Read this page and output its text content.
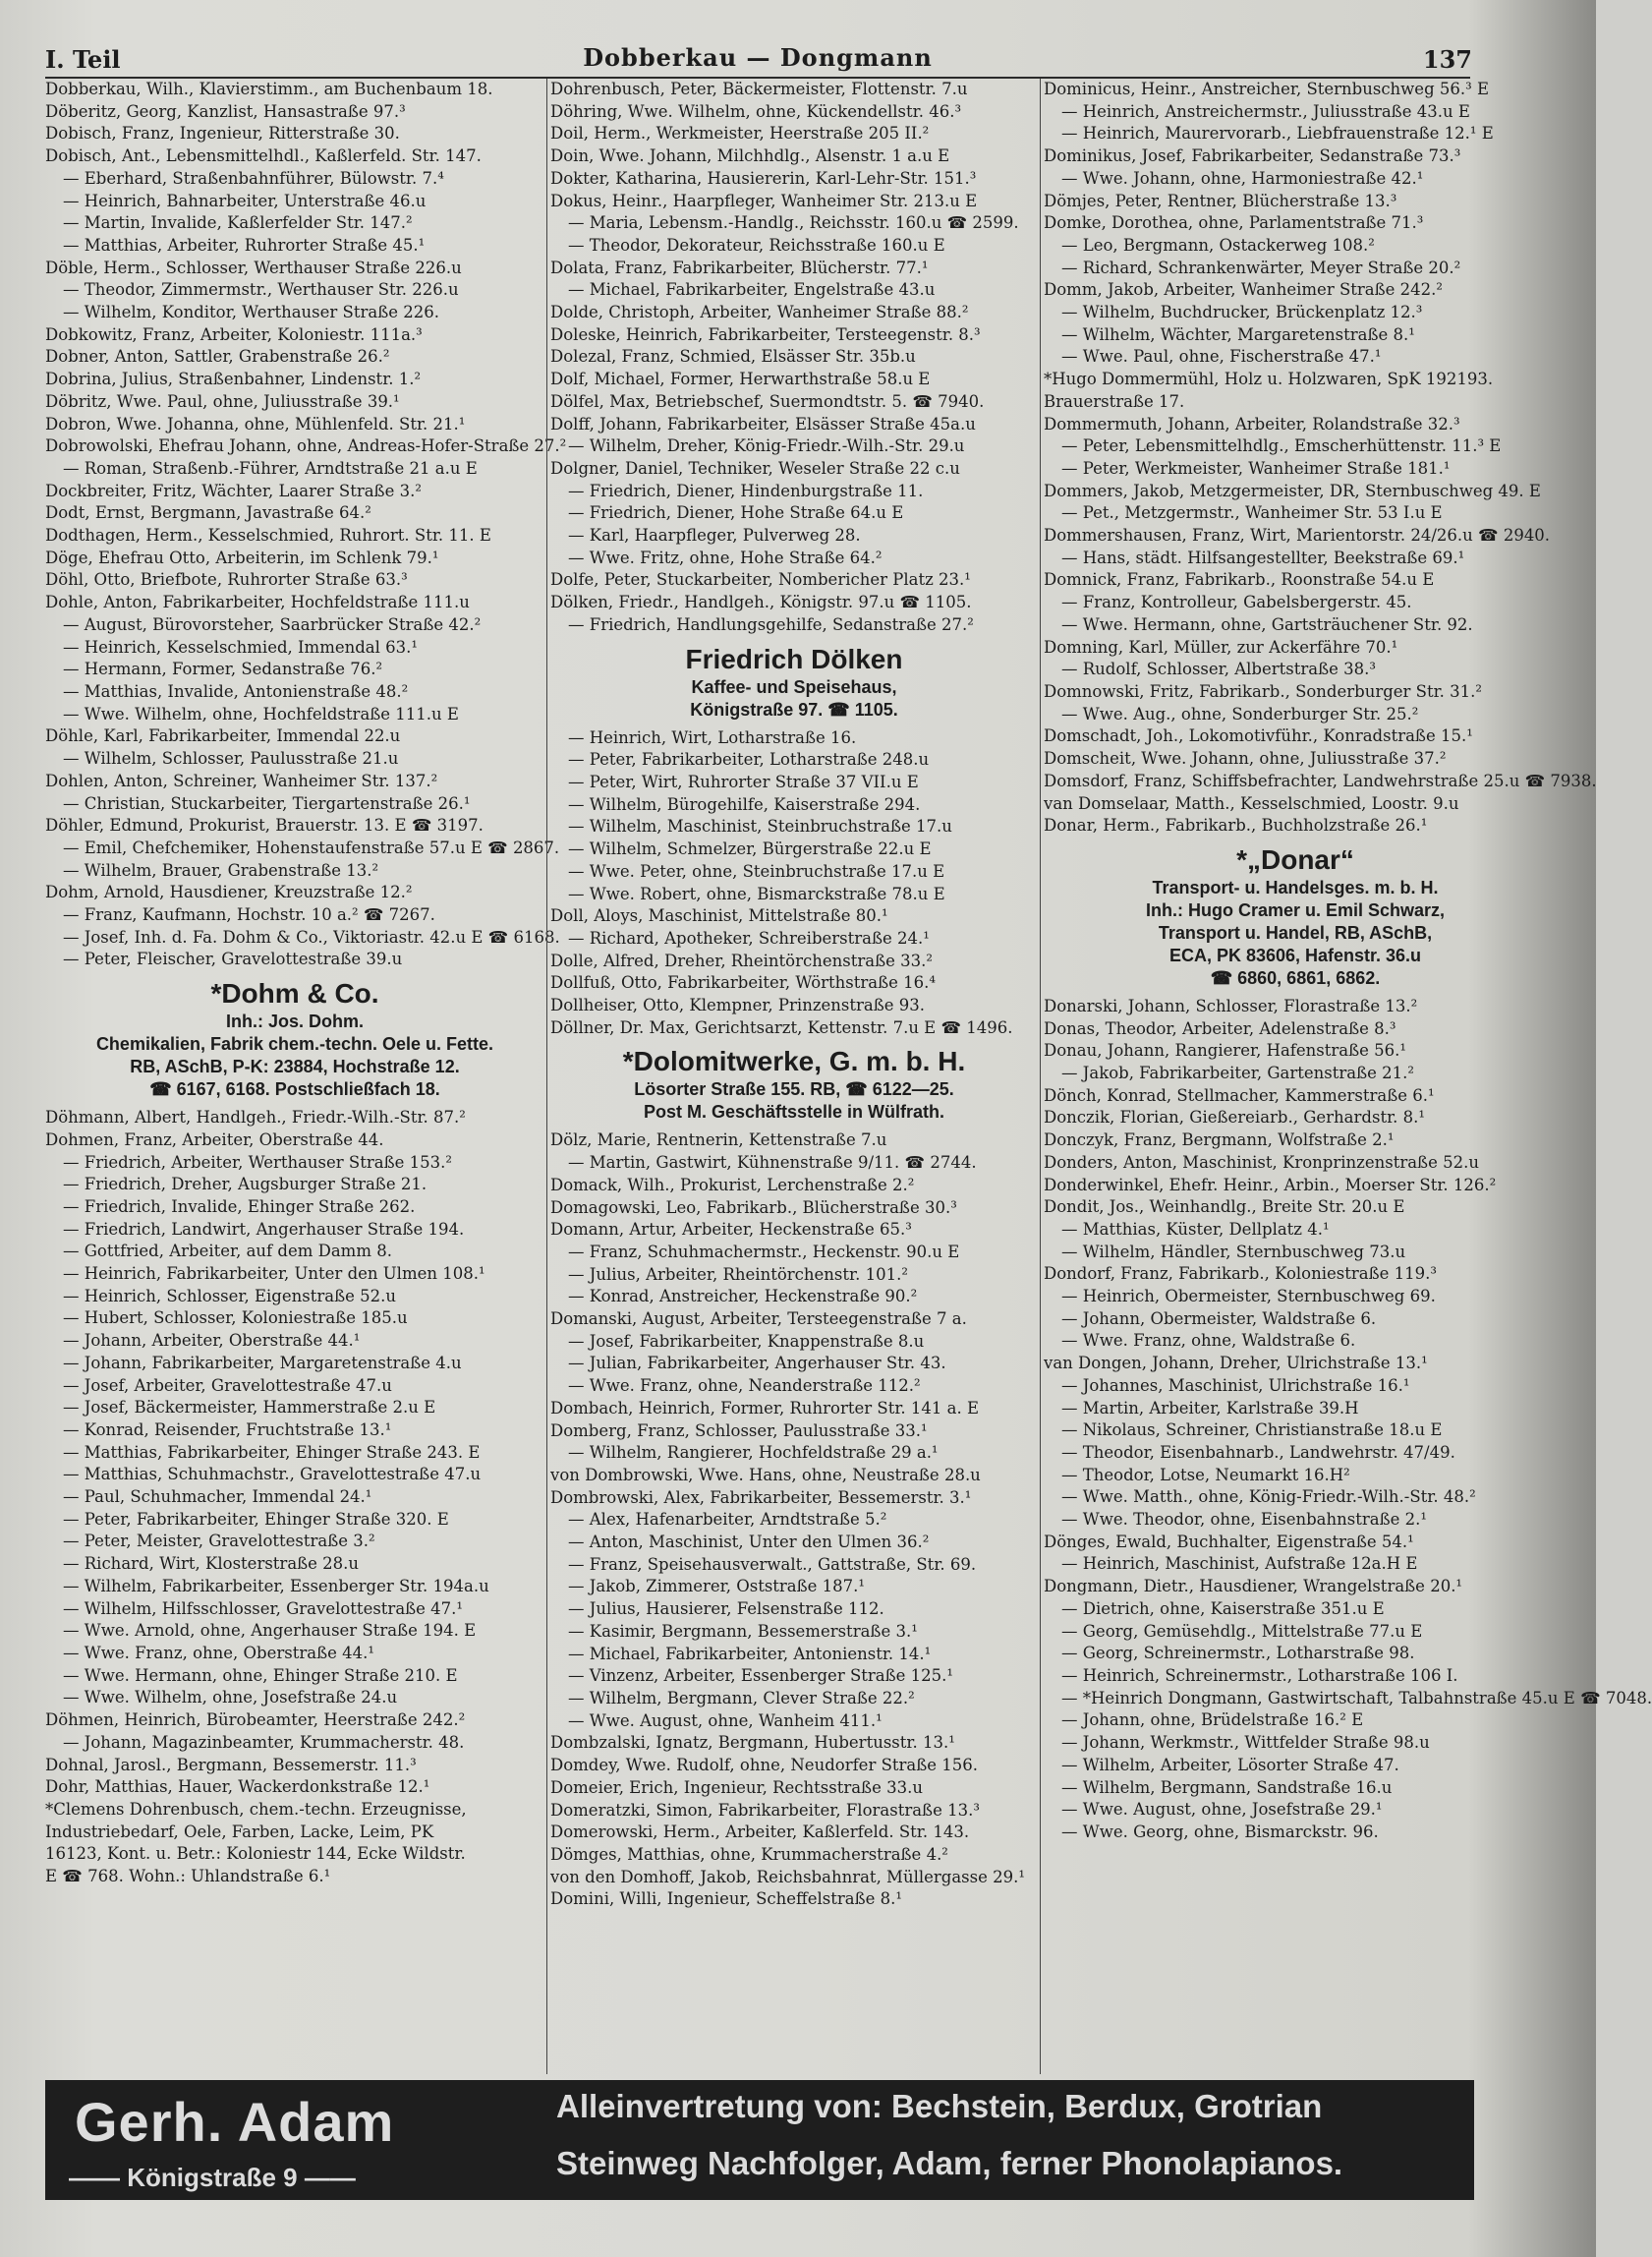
I. Teil	Dobberkau — Dongmann	137
Dobberkau, Wilh., Klavierstimm., am Buchenbaum 18.
Döberitz, Georg, Kanzlist, Hansastraße 97.³
Dobisch, Franz, Ingenieur, Ritterstraße 30.
Dobisch, Ant., Lebensmittelhdl., Kaßlerfeld. Str. 147.
— Eberhard, Straßenbahnführer, Bülowstr. 7.⁴
— Heinrich, Bahnarbeiter, Unterstraße 46.u
— Martin, Invalide, Kaßlerfelder Str. 147.²
— Matthias, Arbeiter, Ruhrorter Straße 45.¹
Döble, Herm., Schlosser, Werthauser Straße 226.u
— Theodor, Zimmermstr., Werthauser Str. 226.u
— Wilhelm, Konditor, Werthauser Straße 226.
Dobkowitz, Franz, Arbeiter, Koloniestr. 111a.³
Dobner, Anton, Sattler, Grabenstraße 26.²
Dobrina, Julius, Straßenbahner, Lindenstr. 1.²
Döbritz, Wwe. Paul, ohne, Juliusstraße 39.¹
Dobron, Wwe. Johanna, ohne, Mühlenfeld. Str. 21.¹
Dobrowolski, Ehefrau Johann, ohne, Andreas-Hofer-Straße 27.²
— Roman, Straßenb.-Führer, Arndtstraße 21 a.u E
Dockbreiter, Fritz, Wächter, Laarer Straße 3.²
Dodt, Ernst, Bergmann, Javastraße 64.²
Dodthagen, Herm., Kesselschmied, Ruhrort. Str. 11. E
Döge, Ehefrau Otto, Arbeiterin, im Schlenk 79.¹
Döhl, Otto, Briefbote, Ruhrorter Straße 63.³
Dohle, Anton, Fabrikarbeiter, Hochfeldstraße 111.u
— August, Bürovorsteher, Saarbrücker Straße 42.²
— Heinrich, Kesselschmied, Immendal 63.¹
— Hermann, Former, Sedanstraße 76.²
— Matthias, Invalide, Antonienstraße 48.²
— Wwe. Wilhelm, ohne, Hochfeldstraße 111.u E
Döhle, Karl, Fabrikarbeiter, Immendal 22.u
— Wilhelm, Schlosser, Paulusstraße 21.u
Dohlen, Anton, Schreiner, Wanheimer Str. 137.²
— Christian, Stuckarbeiter, Tiergartenstraße 26.¹
Döhler, Edmund, Prokurist, Brauerstr. 13. E ☎ 3197.
— Emil, Chefchemiker, Hohenstaufenstraße 57.u E ☎ 2867.
— Wilhelm, Brauer, Grabenstraße 13.²
Dohm, Arnold, Hausdiener, Kreuzstraße 12.²
— Franz, Kaufmann, Hochstr. 10 a.² ☎ 7267.
— Josef, Inh. d. Fa. Dohm & Co., Viktoriastr. 42.u E ☎ 6168.
— Peter, Fleischer, Gravelottestraße 39.u
*Dohm & Co.
Inh.: Jos. Dohm.
Chemikalien, Fabrik chem.-techn. Oele u. Fette.
RB, ASchB, P-K: 23884, Hochstraße 12.
☎ 6167, 6168. Postschließfach 18.
Döhmann, Albert, Handlgeh., Friedr.-Wilh.-Str. 87.²
Dohmen, Franz, Arbeiter, Oberstraße 44.
— Friedrich, Arbeiter, Werthauser Straße 153.²
— Friedrich, Dreher, Augsburger Straße 21.
— Friedrich, Invalide, Ehinger Straße 262.
— Friedrich, Landwirt, Angerhauser Straße 194.
— Gottfried, Arbeiter, auf dem Damm 8.
— Heinrich, Fabrikarbeiter, Unter den Ulmen 108.¹
— Heinrich, Schlosser, Eigenstraße 52.u
— Hubert, Schlosser, Koloniestraße 185.u
— Johann, Arbeiter, Oberstraße 44.¹
— Johann, Fabrikarbeiter, Margaretenstraße 4.u
— Josef, Arbeiter, Gravelottestraße 47.u
— Josef, Bäckermeister, Hammerstraße 2.u E
— Konrad, Reisender, Fruchtstraße 13.¹
— Matthias, Fabrikarbeiter, Ehinger Straße 243. E
— Matthias, Schuhmachstr., Gravelottestraße 47.u
— Paul, Schuhmacher, Immendal 24.¹
— Peter, Fabrikarbeiter, Ehinger Straße 320. E
— Peter, Meister, Gravelottestraße 3.²
— Richard, Wirt, Klosterstraße 28.u
— Wilhelm, Fabrikarbeiter, Essenberger Str. 194a.u
— Wilhelm, Hilfsschlosser, Gravelottestraße 47.¹
— Wwe. Arnold, ohne, Angerhauser Straße 194. E
— Wwe. Franz, ohne, Oberstraße 44.¹
— Wwe. Hermann, ohne, Ehinger Straße 210. E
— Wwe. Wilhelm, ohne, Josefstraße 24.u
Döhmen, Heinrich, Bürobeamter, Heerstraße 242.²
— Johann, Magazinbeamter, Krummacherstr. 48.
Dohnal, Jarosl., Bergmann, Bessemerstr. 11.³
Dohr, Matthias, Hauer, Wackerdonkstraße 12.¹
*Clemens Dohrenbusch, chem.-techn. Erzeugnisse,
Industriebedarf, Oele, Farben, Lacke, Leim, PK
16123, Kont. u. Betr.: Koloniestr 144, Ecke Wildstr.
E ☎ 768. Wohn.: Uhlandstraße 6.¹
Dohrenbusch, Peter, Bäckermeister, Flottenstr. 7.u
Döhring, Wwe. Wilhelm, ohne, Kückendellstr. 46.³
Doil, Herm., Werkmeister, Heerstraße 205 II.²
Doin, Wwe. Johann, Milchhdlg., Alsenstr. 1 a.u E
Dokter, Katharina, Hausiererin, Karl-Lehr-Str. 151.³
Dokus, Heinr., Haarpfleger, Wanheimer Str. 213.u E
— Maria, Lebensm.-Handlg., Reichsstr. 160.u ☎ 2599.
— Theodor, Dekorateur, Reichsstraße 160.u E
Dolata, Franz, Fabrikarbeiter, Blücherstr. 77.¹
— Michael, Fabrikarbeiter, Engelstraße 43.u
Dolde, Christoph, Arbeiter, Wanheimer Straße 88.²
Doleske, Heinrich, Fabrikarbeiter, Tersteegenstr. 8.³
Dolezal, Franz, Schmied, Elsässer Str. 35b.u
Dolf, Michael, Former, Herwarthstraße 58.u E
Dölfel, Max, Betriebschef, Suermondtstr. 5. ☎ 7940.
Dolff, Johann, Fabrikarbeiter, Elsässer Straße 45a.u
— Wilhelm, Dreher, König-Friedr.-Wilh.-Str. 29.u
Dolgner, Daniel, Techniker, Weseler Straße 22 c.u
— Friedrich, Diener, Hindenburgstraße 11.
— Friedrich, Diener, Hohe Straße 64.u E
— Karl, Haarpfleger, Pulverweg 28.
— Wwe. Fritz, ohne, Hohe Straße 64.²
Dolfe, Peter, Stuckarbeiter, Nombericher Platz 23.¹
Dölken, Friedr., Handlgeh., Königstr. 97.u ☎ 1105.
— Friedrich, Handlungsgehilfe, Sedanstraße 27.²
Friedrich Dölken
Kaffee- und Speisehaus,
Königstraße 97. ☎ 1105.
— Heinrich, Wirt, Lotharstraße 16.
— Peter, Fabrikarbeiter, Lotharstraße 248.u
— Peter, Wirt, Ruhrorter Straße 37 VII.u E
— Wilhelm, Bürogehilfe, Kaiserstraße 294.
— Wilhelm, Maschinist, Steinbruchstraße 17.u
— Wilhelm, Schmelzer, Bürgerstraße 22.u E
— Wwe. Peter, ohne, Steinbruchstraße 17.u E
— Wwe. Robert, ohne, Bismarckstraße 78.u E
Doll, Aloys, Maschinist, Mittelstraße 80.¹
— Richard, Apotheker, Schreiberstraße 24.¹
Dolle, Alfred, Dreher, Rheintörchenstraße 33.²
Dollfuß, Otto, Fabrikarbeiter, Wörthstraße 16.⁴
Dollheiser, Otto, Klempner, Prinzenstraße 93.
Döllner, Dr. Max, Gerichtsarzt, Kettenstr. 7.u E ☎ 1496.
*Dolomitwerke, G. m. b. H.
Lösorter Straße 155. RB, ☎ 6122—25.
Post M. Geschäftsstelle in Wülfrath.
Dölz, Marie, Rentnerin, Kettenstraße 7.u
— Martin, Gastwirt, Kühnenstraße 9/11. ☎ 2744.
Domack, Wilh., Prokurist, Lerchenstraße 2.²
Domagowski, Leo, Fabrikarb., Blücherstraße 30.³
Domann, Artur, Arbeiter, Heckenstraße 65.³
— Franz, Schuhmachermstr., Heckenstr. 90.u E
— Julius, Arbeiter, Rheintörchenstr. 101.²
— Konrad, Anstreicher, Heckenstraße 90.²
Domanski, August, Arbeiter, Tersteegenstraße 7 a.
— Josef, Fabrikarbeiter, Knappenstraße 8.u
— Julian, Fabrikarbeiter, Angerhauser Str. 43.
— Wwe. Franz, ohne, Neanderstraße 112.²
Dombach, Heinrich, Former, Ruhrorter Str. 141 a. E
Domberg, Franz, Schlosser, Paulusstraße 33.¹
— Wilhelm, Rangierer, Hochfeldstraße 29 a.¹
von Dombrowski, Wwe. Hans, ohne, Neustraße 28.u
Dombrowski, Alex, Fabrikarbeiter, Bessemerstr. 3.¹
— Alex, Hafenarbeiter, Arndtstraße 5.²
— Anton, Maschinist, Unter den Ulmen 36.²
— Franz, Speisehausverwalt., Gattstraße, Str. 69.
— Jakob, Zimmerer, Oststraße 187.¹
— Julius, Hausierer, Felsenstraße 112.
— Kasimir, Bergmann, Bessemerstraße 3.¹
— Michael, Fabrikarbeiter, Antonienstr. 14.¹
— Vinzenz, Arbeiter, Essenberger Straße 125.¹
— Wilhelm, Bergmann, Clever Straße 22.²
— Wwe. August, ohne, Wanheim 411.¹
Dombzalski, Ignatz, Bergmann, Hubertusstr. 13.¹
Domdey, Wwe. Rudolf, ohne, Neudorfer Straße 156.
Domeier, Erich, Ingenieur, Rechtsstraße 33.u
Domeratzki, Simon, Fabrikarbeiter, Florastraße 13.³
Domerowski, Herm., Arbeiter, Kaßlerfeld. Str. 143.
Dömges, Matthias, ohne, Krummacherstraße 4.²
von den Domhoff, Jakob, Reichsbahnrat, Müllergasse 29.¹
Domini, Willi, Ingenieur, Scheffelstraße 8.¹
Dominicus, Heinr., Anstreicher, Sternbuschweg 56.³ E
— Heinrich, Anstreichermstr., Juliusstraße 43.u E
— Heinrich, Maurervorarb., Liebfrauenstraße 12.¹ E
Dominikus, Josef, Fabrikarbeiter, Sedanstraße 73.³
— Wwe. Johann, ohne, Harmoniestraße 42.¹
Dömjes, Peter, Rentner, Blücherstraße 13.³
Domke, Dorothea, ohne, Parlamentstraße 71.³
— Leo, Bergmann, Ostackerweg 108.²
— Richard, Schrankenwärter, Meyer Straße 20.²
Domm, Jakob, Arbeiter, Wanheimer Straße 242.²
— Wilhelm, Buchdrucker, Brückenplatz 12.³
— Wilhelm, Wächter, Margaretenstraße 8.¹
— Wwe. Paul, ohne, Fischerstraße 47.¹
*Hugo Dommermühl, Holz u. Holzwaren, SpK 192193.
Brauerstraße 17.
Dommermuth, Johann, Arbeiter, Rolandstraße 32.³
— Peter, Lebensmittelhdlg., Emscherhüttenstr. 11.³ E
— Peter, Werkmeister, Wanheimer Straße 181.¹
Dommers, Jakob, Metzgermeister, DR, Sternbuschweg 49. E
— Pet., Metzgermstr., Wanheimer Str. 53 I.u E
Dommershausen, Franz, Wirt, Marientorstr. 24/26.u ☎ 2940.
— Hans, städt. Hilfsangestellter, Beekstraße 69.¹
Domnick, Franz, Fabrikarb., Roonstraße 54.u E
— Franz, Kontrolleur, Gabelsbergerstr. 45.
— Wwe. Hermann, ohne, Gartsträuchener Str. 92.
Domning, Karl, Müller, zur Ackerfähre 70.¹
— Rudolf, Schlosser, Albertstraße 38.³
Domnowski, Fritz, Fabrikarb., Sonderburger Str. 31.²
— Wwe. Aug., ohne, Sonderburger Str. 25.²
Domschadt, Joh., Lokomotivführ., Konradstraße 15.¹
Domscheit, Wwe. Johann, ohne, Juliusstraße 37.²
Domsdorf, Franz, Schiffsbefrachter, Landwehrstraße 25.u ☎ 7938.
van Domselaar, Matth., Kesselschmied, Loostr. 9.u
Donar, Herm., Fabrikarb., Buchholzstraße 26.¹
*„Donar“
Transport- u. Handelsges. m. b. H.
Inh.: Hugo Cramer u. Emil Schwarz,
Transport u. Handel, RB, ASchB,
ECA, PK 83606, Hafenstr. 36.u
☎ 6860, 6861, 6862.
Donarski, Johann, Schlosser, Florastraße 13.²
Donas, Theodor, Arbeiter, Adelenstraße 8.³
Donau, Johann, Rangierer, Hafenstraße 56.¹
— Jakob, Fabrikarbeiter, Gartenstraße 21.²
Dönch, Konrad, Stellmacher, Kammerstraße 6.¹
Donczik, Florian, Gießereiarb., Gerhardstr. 8.¹
Donczyk, Franz, Bergmann, Wolfstraße 2.¹
Donders, Anton, Maschinist, Kronprinzenstraße 52.u
Donderwinkel, Ehefr. Heinr., Arbin., Moerser Str. 126.²
Dondit, Jos., Weinhandlg., Breite Str. 20.u E
— Matthias, Küster, Dellplatz 4.¹
— Wilhelm, Händler, Sternbuschweg 73.u
Dondorf, Franz, Fabrikarb., Koloniestraße 119.³
— Heinrich, Obermeister, Sternbuschweg 69.
— Johann, Obermeister, Waldstraße 6.
— Wwe. Franz, ohne, Waldstraße 6.
van Dongen, Johann, Dreher, Ulrichstraße 13.¹
— Johannes, Maschinist, Ulrichstraße 16.¹
— Martin, Arbeiter, Karlstraße 39.H
— Nikolaus, Schreiner, Christianstraße 18.u E
— Theodor, Eisenbahnarb., Landwehrstr. 47/49.
— Theodor, Lotse, Neumarkt 16.H²
— Wwe. Matth., ohne, König-Friedr.-Wilh.-Str. 48.²
— Wwe. Theodor, ohne, Eisenbahnstraße 2.¹
Dönges, Ewald, Buchhalter, Eigenstraße 54.¹
— Heinrich, Maschinist, Aufstraße 12a.H E
Dongmann, Dietr., Hausdiener, Wrangelstraße 20.¹
— Dietrich, ohne, Kaiserstraße 351.u E
— Georg, Gemüsehdlg., Mittelstraße 77.u E
— Georg, Schreinermstr., Lotharstraße 98.
— Heinrich, Schreinermstr., Lotharstraße 106 I.
— *Heinrich Dongmann, Gastwirtschaft, Talbahnstraße 45.u E ☎ 7048.
— Johann, ohne, Brüdelstraße 16.² E
— Johann, Werkmstr., Wittfelder Straße 98.u
— Wilhelm, Arbeiter, Lösorter Straße 47.
— Wilhelm, Bergmann, Sandstraße 16.u
— Wwe. August, ohne, Josefstraße 29.¹
— Wwe. Georg, ohne, Bismarckstr. 96.
Gerh. Adam
—— Königstraße 9 ——
Alleinvertretung von: Bechstein, Berdux, Grotrian
Steinweg Nachfolger, Adam, ferner Phonolapianos.
